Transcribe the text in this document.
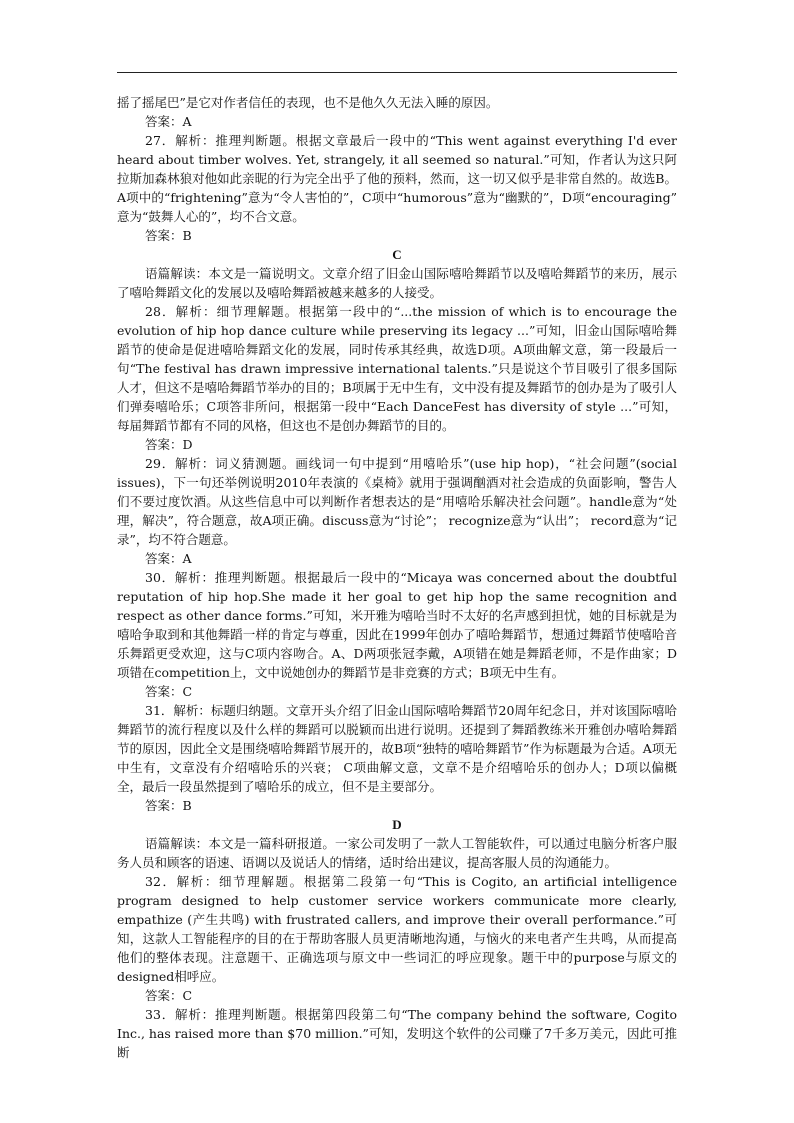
摇了摇尾巴”是它对作者信任的表现，也不是他久久无法入睡的原因。

答案：A

27．解析：推理判断题。根据文章最后一段中的“This went against everything I'd ever heard about timber wolves. Yet, strangely, it all seemed so natural.”可知，作者认为这只阿拉斯加森林狼对他如此亲昵的行为完全出乎了他的预料，然而，这一切又似乎是非常自然的。故选B。A项中的“frightening”意为“令人害怕的”，C项中“humorous”意为“幽默的”，D项“encouraging” 意为“鼓舞人心的”，均不合文意。

答案：B

C

语篇解读：本文是一篇说明文。文章介绍了旧金山国际嘻哈舞蹈节以及嘻哈舞蹈节的来历，展示了嘻哈舞蹈文化的发展以及嘻哈舞蹈被越来越多的人接受。

28．解析：细节理解题。根据第一段中的“...the mission of which is to encourage the evolution of hip hop dance culture while preserving its legacy ...”可知，旧金山国际嘻哈舞蹈节的使命是促进嘻哈舞蹈文化的发展，同时传承其经典，故选D项。A项曲解文意，第一段最后一句“The festival has drawn impressive international talents.”只是说这个节目吸引了很多国际人才，但这不是嘻哈舞蹈节举办的目的；B项属于无中生有，文中没有提及舞蹈节的创办是为了吸引人们弹奏嘻哈乐；C项答非所问，根据第一段中“Each DanceFest has diversity of style ...”可知，每届舞蹈节都有不同的风格，但这也不是创办舞蹈节的目的。

答案：D

29．解析：词义猜测题。画线词一句中提到“用嘻哈乐”(use hip hop)，“社会问题”(social issues)，下一句还举例说明2010年表演的《桌椅》就用于强调酗酒对社会造成的负面影响，警告人们不要过度饮酒。从这些信息中可以判断作者想表达的是“用嘻哈乐解决社会问题”。handle意为“处理，解决”，符合题意，故A项正确。discuss意为“讨论”； recognize意为“认出”； record意为“记录”，均不符合题意。

答案：A

30．解析：推理判断题。根据最后一段中的“Micaya was concerned about the doubtful reputation of hip hop.She made it her goal to get hip hop the same recognition and respect as other dance forms.”可知，米开雅为嘻哈当时不太好的名声感到担忧，她的目标就是为嘻哈争取到和其他舞蹈一样的肯定与尊重，因此在1999年创办了嘻哈舞蹈节，想通过舞蹈节使嘻哈音乐舞蹈更受欢迎，这与C项内容吻合。A、D两项张冠李戴，A项错在她是舞蹈老师，不是作曲家；D项错在competition上，文中说她创办的舞蹈节是非竞赛的方式；B项无中生有。

答案：C

31．解析：标题归纳题。文章开头介绍了旧金山国际嘻哈舞蹈节20周年纪念日，并对该国际嘻哈舞蹈节的流行程度以及什么样的舞蹈可以脱颖而出进行说明。还提到了舞蹈教练米开雅创办嘻哈舞蹈节的原因，因此全文是围绕嘻哈舞蹈节展开的，故B项“独特的嘻哈舞蹈节”作为标题最为合适。A项无中生有，文章没有介绍嘻哈乐的兴衰； C项曲解文意，文章不是介绍嘻哈乐的创办人；D项以偏概全，最后一段虽然提到了嘻哈乐的成立，但不是主要部分。

答案：B

D

语篇解读：本文是一篇科研报道。一家公司发明了一款人工智能软件，可以通过电脑分析客户服务人员和顾客的语速、语调以及说话人的情绪，适时给出建议，提高客服人员的沟通能力。

32．解析：细节理解题。根据第二段第一句“This is Cogito, an artificial intelligence program designed to help customer service workers communicate more clearly, empathize (产生共鸣) with frustrated callers, and improve their overall performance.”可知，这款人工智能程序的目的在于帮助客服人员更清晰地沟通，与恼火的来电者产生共鸣，从而提高他们的整体表现。注意题干、正确选项与原文中一些词汇的呼应现象。题干中的purpose与原文的designed相呼应。

答案：C

33．解析：推理判断题。根据第四段第二句“The company behind the software, Cogito Inc., has raised more than $70 million.”可知，发明这个软件的公司赚了7千多万美元，因此可推断
